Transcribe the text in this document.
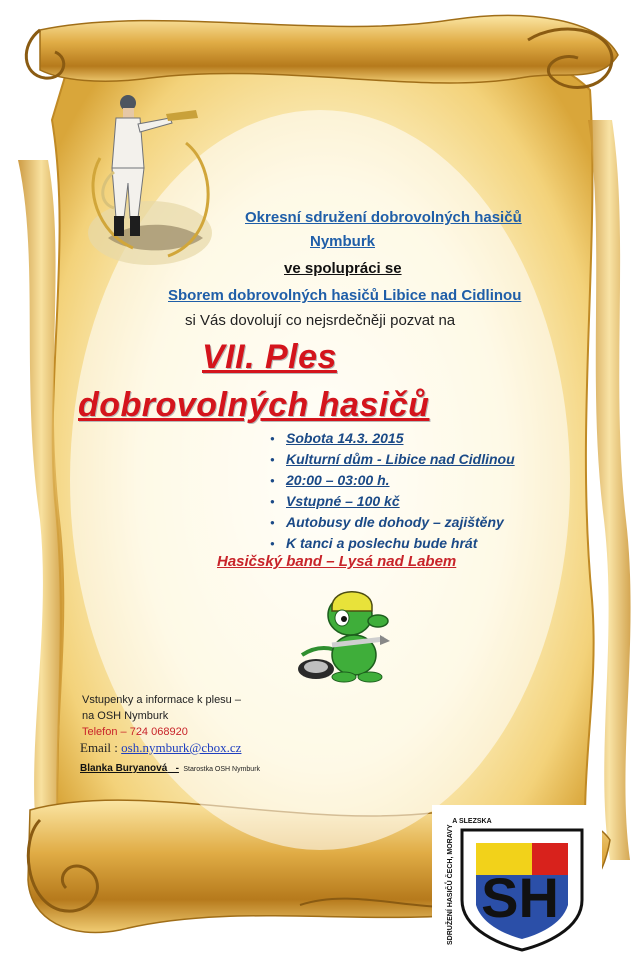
Okresní sdružení dobrovolných hasičů
Nymburk
ve spolupráci se
Sborem dobrovolných hasičů Libice nad Cidlinou
si Vás dovolují co nejsrdečněji pozvat na
VII. Ples
dobrovolných hasičů
● Sobota 14.3. 2015
● Kulturní dům - Libice nad Cidlinou
● 20:00 – 03:00 h.
● Vstupné – 100 kč
● Autobusy dle dohody – zajištěny
● K tanci a poslechu bude hrát
Hasičský band – Lysá nad Labem
Vstupenky a informace k plesu –
na OSH Nymburk
Telefon – 724 068920
Email : osh.nymburk@cbox.cz
Blanka Buryanová   - Starostka OSH Nymburk
SH
SDRUŽENÍ HASIČŮ ČECH, MORAVY A SLEZSKA
